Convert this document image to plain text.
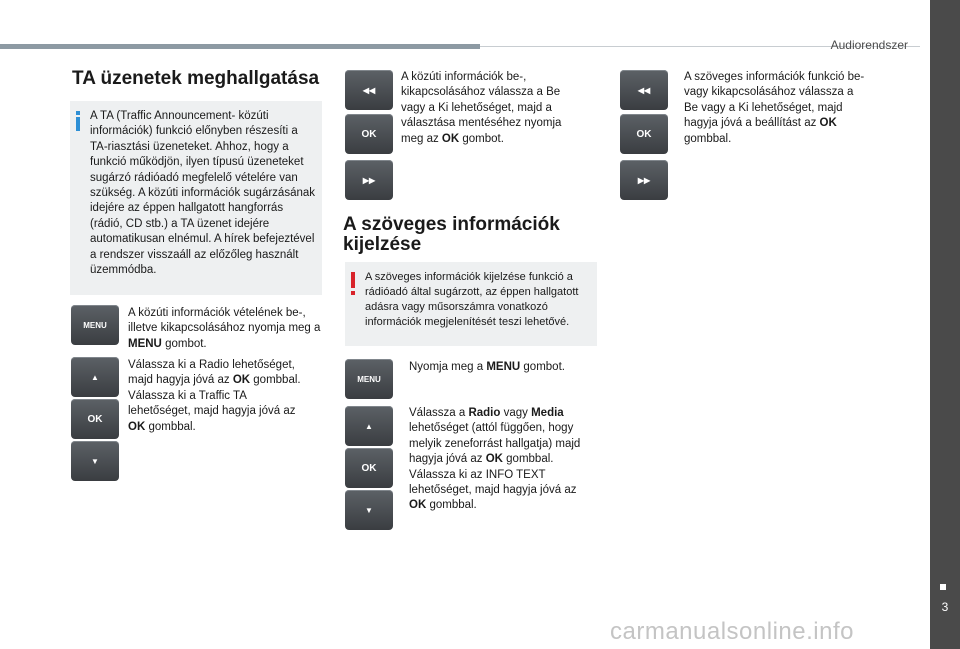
Audiorendszer
TA üzenetek meghallgatása

A TA (Traffic Announcement- közúti információk) funkció előnyben részesíti a TA-riasztási üzeneteket. Ahhoz, hogy a funkció működjön, ilyen típusú üzeneteket sugárzó rádióadó megfelelő vételére van szükség. A közúti információk sugárzásának idejére az éppen hallgatott hangforrás (rádió, CD stb.) a TA üzenet idejére automatikusan elnémul. A hírek befejeztével a rendszer visszaáll az előzőleg használt üzemmódba.

MENU

A közúti információk vételének be-, illetve kikapcsolásához nyomja meg a MENU gombot.

▲
OK
▼

Válassza ki a Radio lehetőséget, majd hagyja jóvá az OK gombbal. Válassza ki a Traffic TA lehetőséget, majd hagyja jóvá az OK gombbal.

◀◀
OK
▶▶

A közúti információk be-, kikapcsolásához válassza a Be vagy a Ki lehetőséget, majd a választása mentéséhez nyomja meg az OK gombot.

A szöveges információk kijelzése

A szöveges információk kijelzése funkció a rádióadó által sugárzott, az éppen hallgatott adásra vagy műsorszámra vonatkozó információk megjelenítését teszi lehetővé.

MENU

Nyomja meg a MENU gombot.

▲
OK
▼

Válassza a Radio vagy Media lehetőséget (attól függően, hogy melyik zeneforrást hallgatja) majd hagyja jóvá az OK gombbal. Válassza ki az INFO TEXT lehetőséget, majd hagyja jóvá az OK gombbal.

◀◀
OK
▶▶

A szöveges információk funkció be- vagy kikapcsolásához válassza a Be vagy a Ki lehetőséget, majd hagyja jóvá a beállítást az OK gombbal.

3
carmanualsonline.info
